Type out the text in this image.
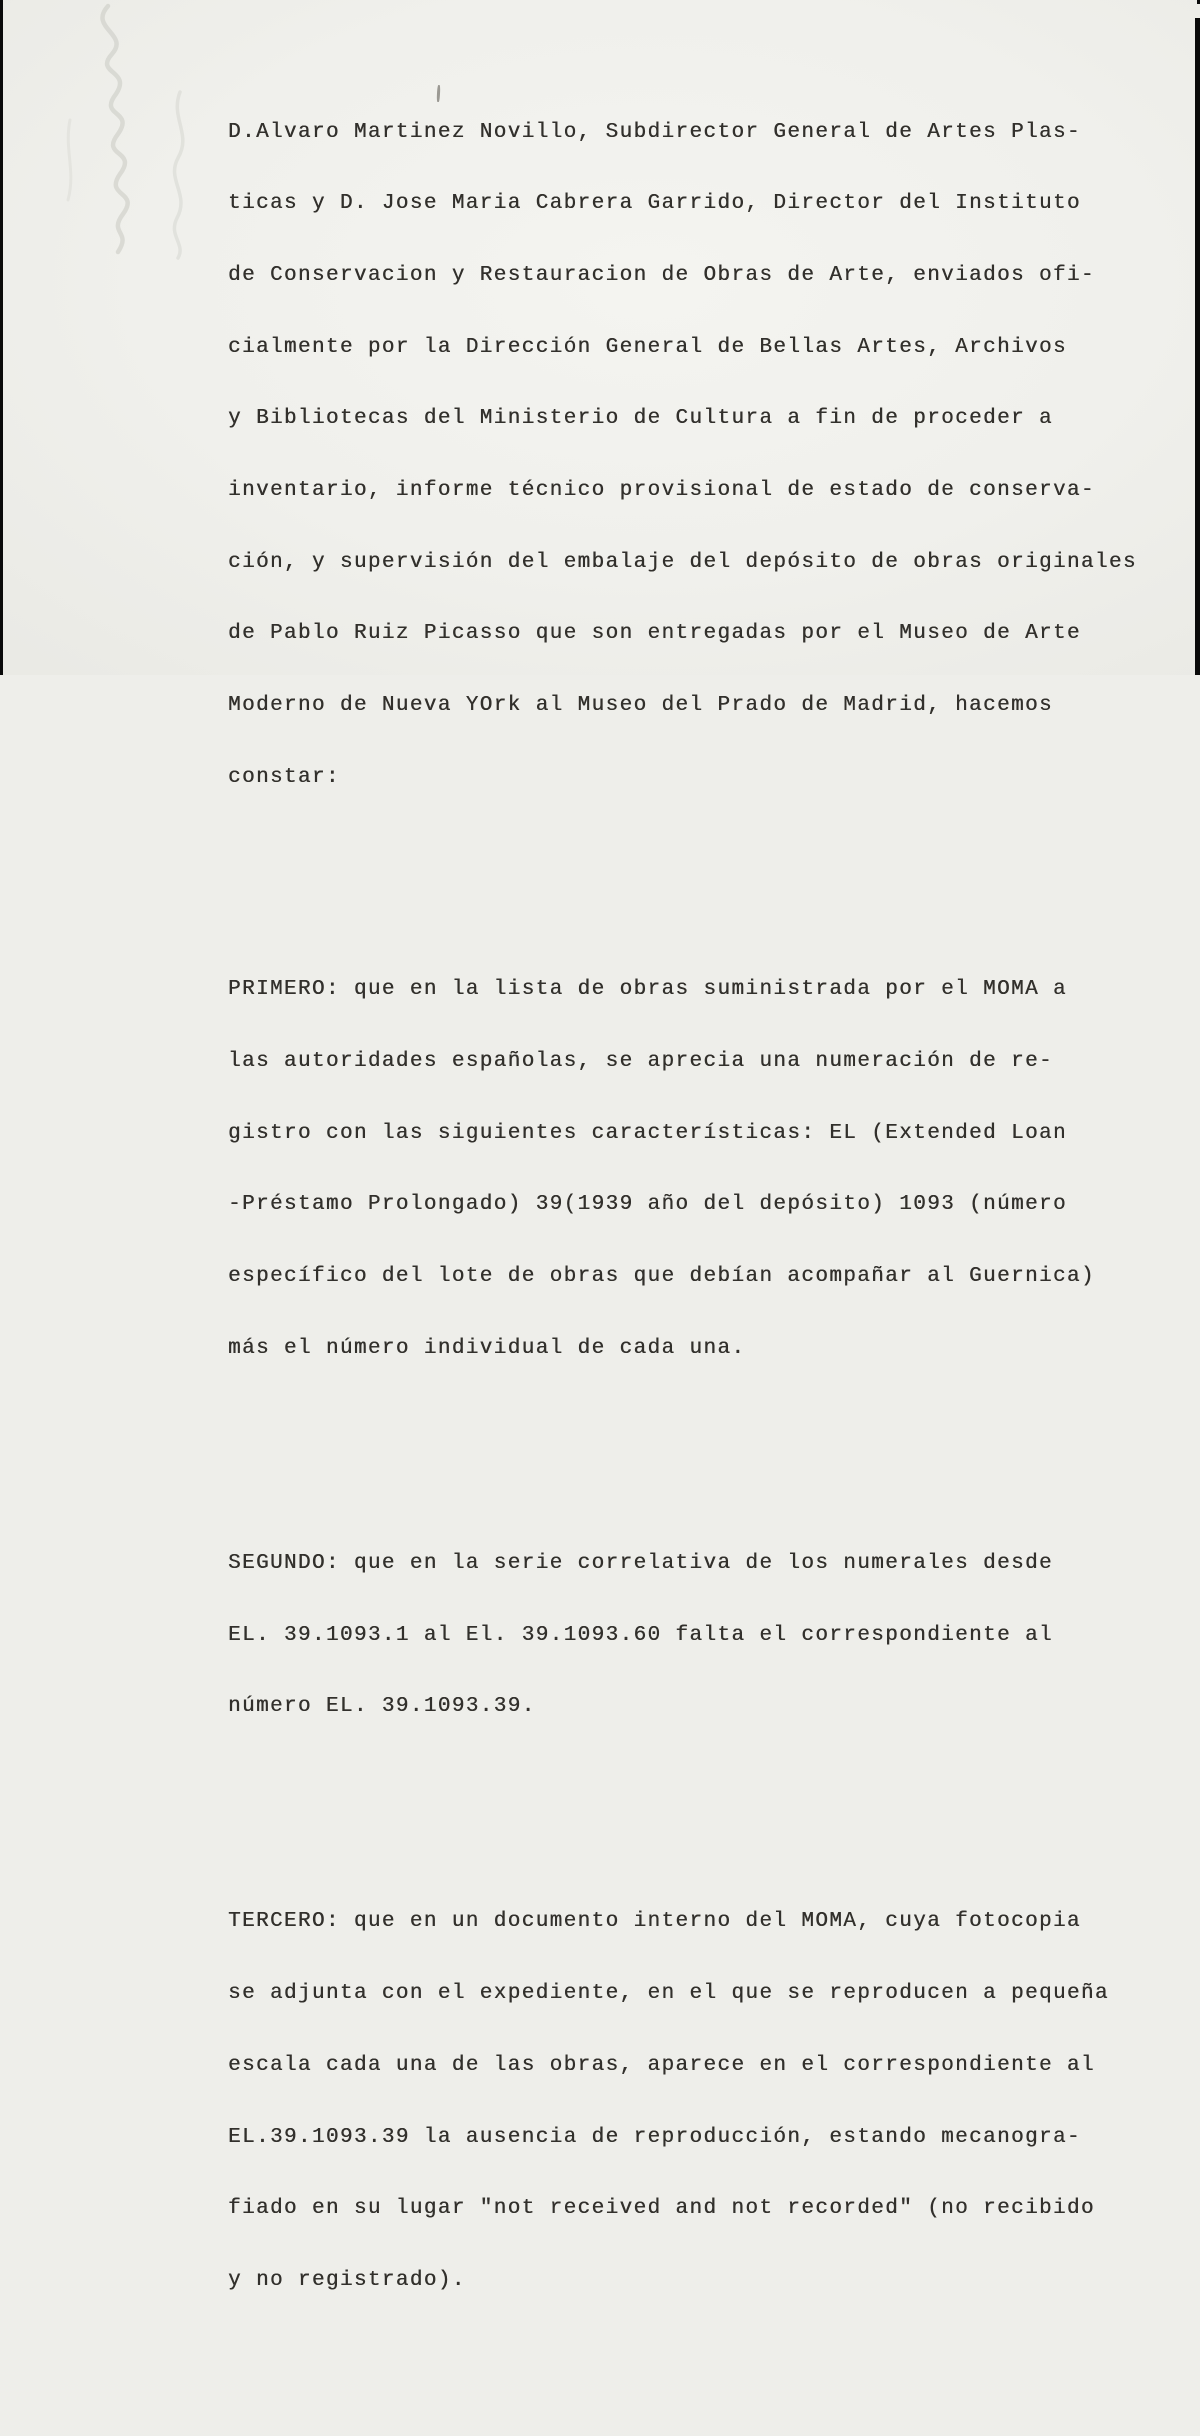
D.Alvaro Martinez Novillo, Subdirector General de Artes Plas-

ticas y D. Jose Maria Cabrera Garrido, Director del Instituto

de Conservacion y Restauracion de Obras de Arte, enviados ofi-

cialmente por la Dirección General de Bellas Artes, Archivos

y Bibliotecas del Ministerio de Cultura a fin de proceder a

inventario, informe técnico provisional de estado de conserva-

ción, y supervisión del embalaje del depósito de obras originales

de Pablo Ruiz Picasso que son entregadas por el Museo de Arte

Moderno de Nueva YOrk al Museo del Prado de Madrid, hacemos

constar:

PRIMERO: que en la lista de obras suministrada por el MOMA a

las autoridades españolas, se aprecia una numeración de re-

gistro con las siguientes características: EL (Extended Loan

-Préstamo Prolongado) 39(1939 año del depósito) 1093 (número

específico del lote de obras que debían acompañar al Guernica)

más el número individual de cada una.

SEGUNDO: que en la serie correlativa de los numerales desde

EL. 39.1093.1 al El. 39.1093.60 falta el correspondiente al

número EL. 39.1093.39.

TERCERO: que en un documento interno del MOMA, cuya fotocopia

se adjunta con el expediente, en el que se reproducen a pequeña

escala cada una de las obras, aparece en el correspondiente al

EL.39.1093.39 la ausencia de reproducción, estando mecanogra-

fiado en su lugar "not received and not recorded" (no recibido

y no registrado).
